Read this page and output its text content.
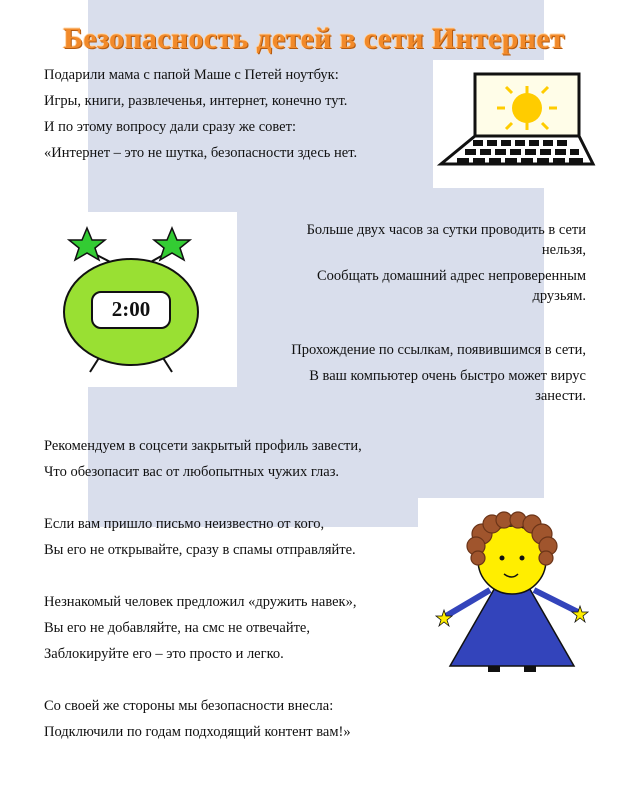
Безопасность детей в сети Интернет
Подарили мама с папой Маше с Петей ноутбук:
Игры, книги, развлеченья, интернет, конечно тут.
И по этому вопросу дали сразу же совет:
«Интернет – это не шутка, безопасности здесь нет.
2:00
Больше двух часов за сутки проводить в сети
нельзя,
Сообщать домашний адрес непроверенным
друзьям.
Прохождение по ссылкам, появившимся в сети,
В ваш компьютер очень быстро может вирус
занести.
Рекомендуем в соцсети закрытый профиль завести,
Что обезопасит вас от любопытных чужих глаз.
Если вам пришло письмо неизвестно от кого,
Вы его не открывайте, сразу в спамы отправляйте.
Незнакомый человек предложил «дружить навек»,
Вы его не добавляйте, на смс не отвечайте,
Заблокируйте его – это просто и легко.
Со своей же стороны мы безопасности внесла:
Подключили по годам подходящий контент вам!»
